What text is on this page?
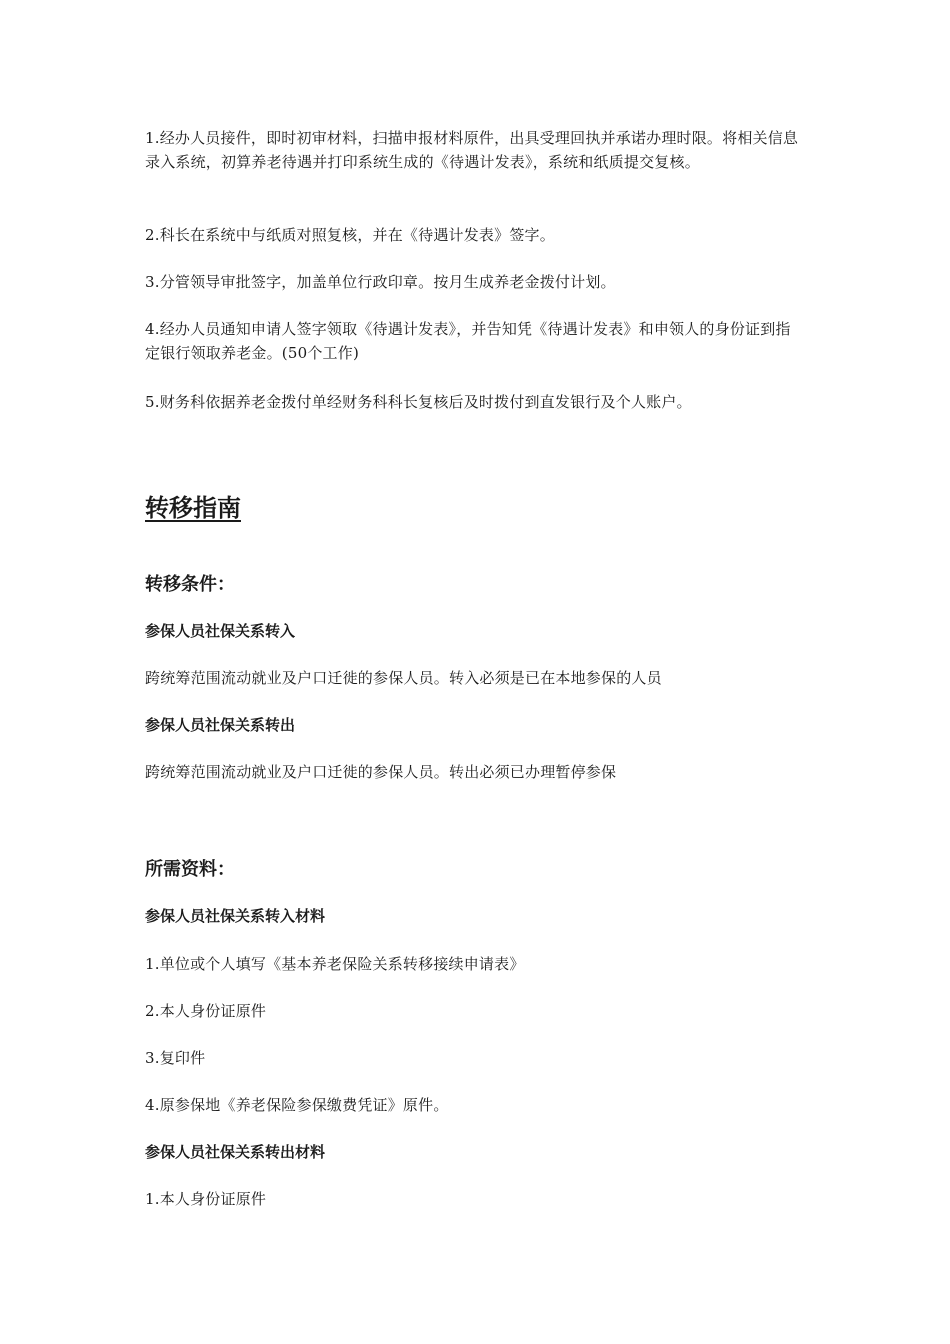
1.经办人员接件，即时初审材料，扫描申报材料原件，出具受理回执并承诺办理时限。将相关信息录入系统，初算养老待遇并打印系统生成的《待遇计发表》，系统和纸质提交复核。

2.科长在系统中与纸质对照复核，并在《待遇计发表》签字。

3.分管领导审批签字，加盖单位行政印章。按月生成养老金拨付计划。

4.经办人员通知申请人签字领取《待遇计发表》，并告知凭《待遇计发表》和申领人的身份证到指定银行领取养老金。(50个工作)

5.财务科依据养老金拨付单经财务科科长复核后及时拨付到直发银行及个人账户。

转移指南
转移条件：
参保人员社保关系转入

跨统筹范围流动就业及户口迁徙的参保人员。转入必须是已在本地参保的人员

参保人员社保关系转出

跨统筹范围流动就业及户口迁徙的参保人员。转出必须已办理暂停参保

所需资料：
参保人员社保关系转入材料

1.单位或个人填写《基本养老保险关系转移接续申请表》

2.本人身份证原件

3.复印件

4.原参保地《养老保险参保缴费凭证》原件。

参保人员社保关系转出材料

1.本人身份证原件
